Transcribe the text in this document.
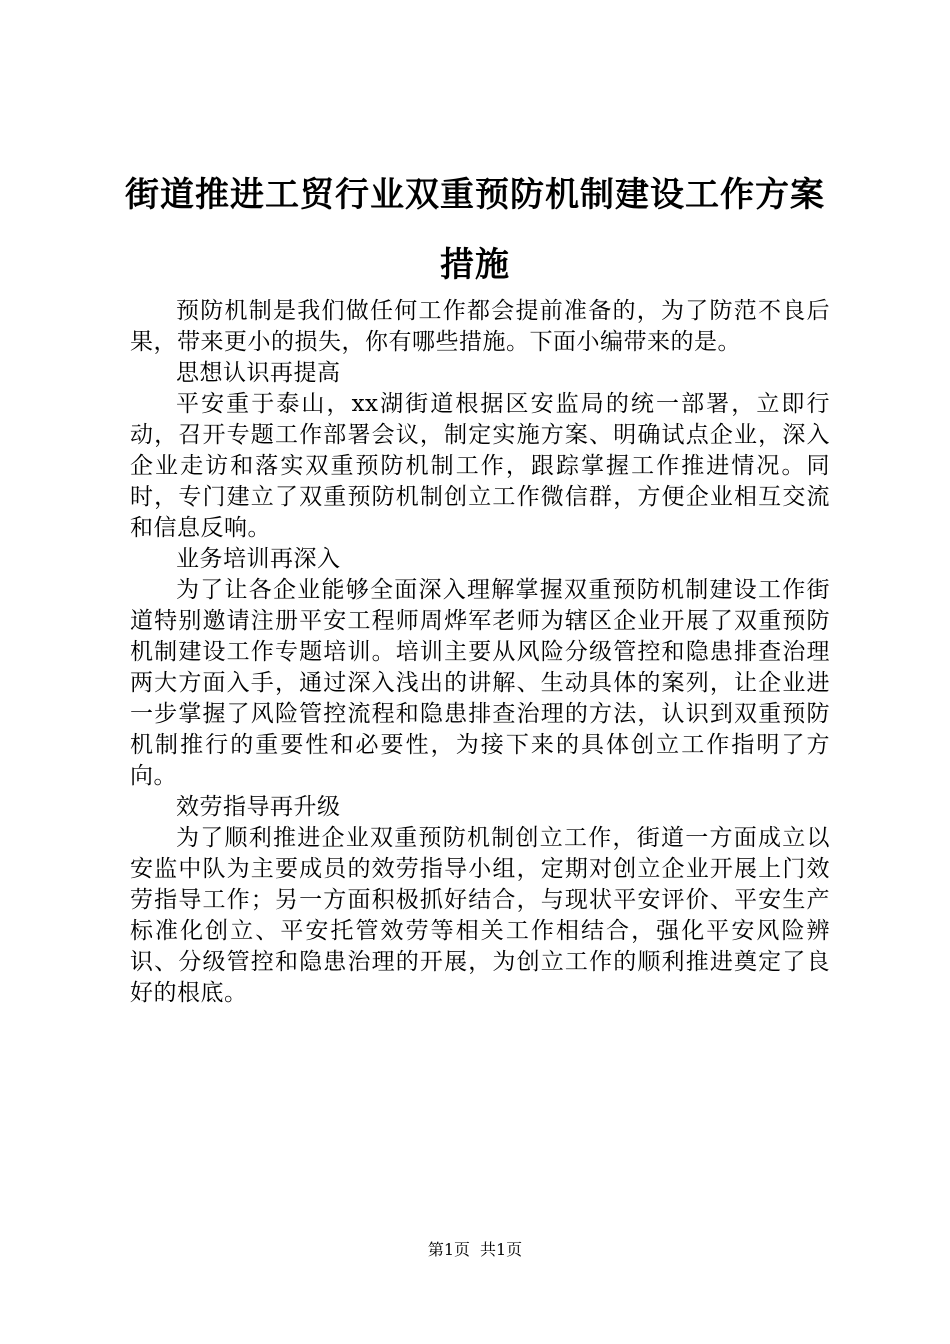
街道推进工贸行业双重预防机制建设工作方案
措施

预防机制是我们做任何工作都会提前准备的，为了防范不良后果，带来更小的损失，你有哪些措施。下面小编带来的是。

思想认识再提高

平安重于泰山，xx湖街道根据区安监局的统一部署，立即行动，召开专题工作部署会议，制定实施方案、明确试点企业，深入企业走访和落实双重预防机制工作，跟踪掌握工作推进情况。同时，专门建立了双重预防机制创立工作微信群，方便企业相互交流和信息反响。

业务培训再深入

为了让各企业能够全面深入理解掌握双重预防机制建设工作街道特别邀请注册平安工程师周烨军老师为辖区企业开展了双重预防机制建设工作专题培训。培训主要从风险分级管控和隐患排查治理两大方面入手，通过深入浅出的讲解、生动具体的案列，让企业进一步掌握了风险管控流程和隐患排查治理的方法，认识到双重预防机制推行的重要性和必要性，为接下来的具体创立工作指明了方向。

效劳指导再升级

为了顺利推进企业双重预防机制创立工作，街道一方面成立以安监中队为主要成员的效劳指导小组，定期对创立企业开展上门效劳指导工作；另一方面积极抓好结合，与现状平安评价、平安生产标准化创立、平安托管效劳等相关工作相结合，强化平安风险辨识、分级管控和隐患治理的开展，为创立工作的顺利推进奠定了良好的根底。

第1页 共1页
